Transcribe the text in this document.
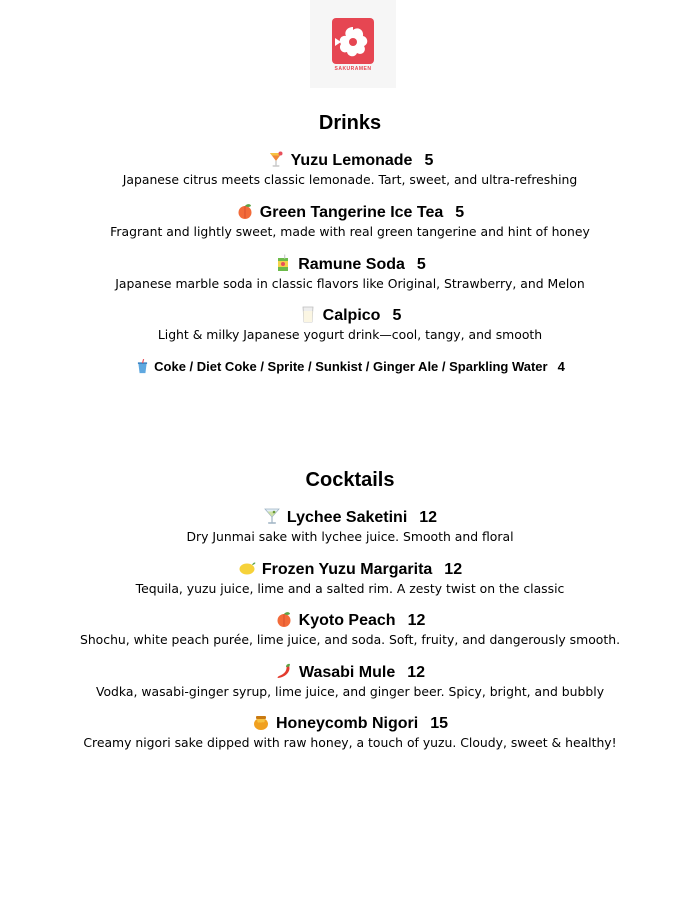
SAKURAMEN
Drinks
Yuzu Lemonade 5
Japanese citrus meets classic lemonade. Tart, sweet, and ultra-refreshing
Green Tangerine Ice Tea 5
Fragrant and lightly sweet, made with real green tangerine and hint of honey
Ramune Soda 5
Japanese marble soda in classic flavors like Original, Strawberry, and Melon
Calpico 5
Light & milky Japanese yogurt drink—cool, tangy, and smooth
Coke / Diet Coke / Sprite / Sunkist / Ginger Ale / Sparkling Water 4
Cocktails
Lychee Saketini 12
Dry Junmai sake with lychee juice. Smooth and floral
Frozen Yuzu Margarita 12
Tequila, yuzu juice, lime and a salted rim. A zesty twist on the classic
Kyoto Peach 12
Shochu, white peach purée, lime juice, and soda. Soft, fruity, and dangerously smooth.
Wasabi Mule 12
Vodka, wasabi-ginger syrup, lime juice, and ginger beer. Spicy, bright, and bubbly
Honeycomb Nigori 15
Creamy nigori sake dipped with raw honey, a touch of yuzu. Cloudy, sweet & healthy!
